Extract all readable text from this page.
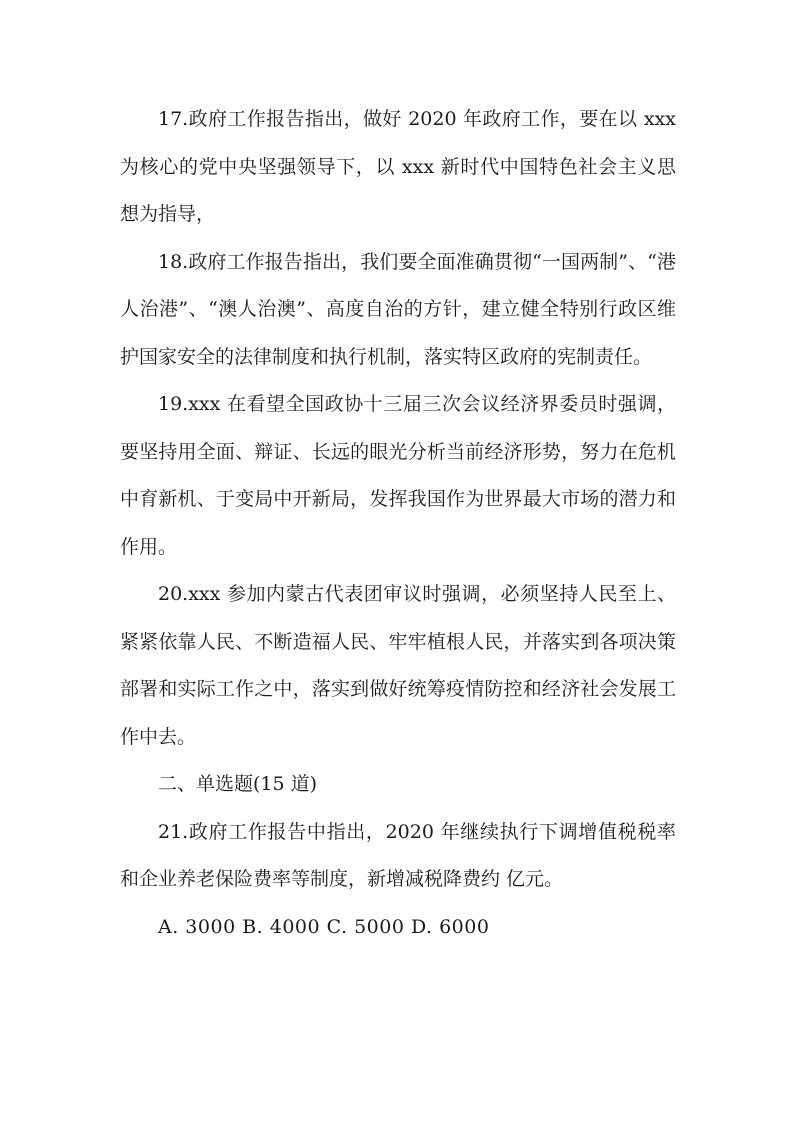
17.政府工作报告指出，做好 2020 年政府工作，要在以 xxx 为核心的党中央坚强领导下，以 xxx 新时代中国特色社会主义思想为指导，

18.政府工作报告指出，我们要全面准确贯彻“一国两制”、“港人治港”、“澳人治澳”、高度自治的方针，建立健全特别行政区维护国家安全的法律制度和执行机制，落实特区政府的宪制责任。

19.xxx 在看望全国政协十三届三次会议经济界委员时强调，要坚持用全面、辩证、长远的眼光分析当前经济形势，努力在危机中育新机、于变局中开新局，发挥我国作为世界最大市场的潜力和作用。

20.xxx 参加内蒙古代表团审议时强调，必须坚持人民至上、紧紧依靠人民、不断造福人民、牢牢植根人民，并落实到各项决策部署和实际工作之中，落实到做好统筹疫情防控和经济社会发展工作中去。

二、单选题(15 道)

21.政府工作报告中指出，2020 年继续执行下调增值税税率和企业养老保险费率等制度，新增减税降费约 亿元。

A. 3000 B. 4000 C. 5000 D. 6000
